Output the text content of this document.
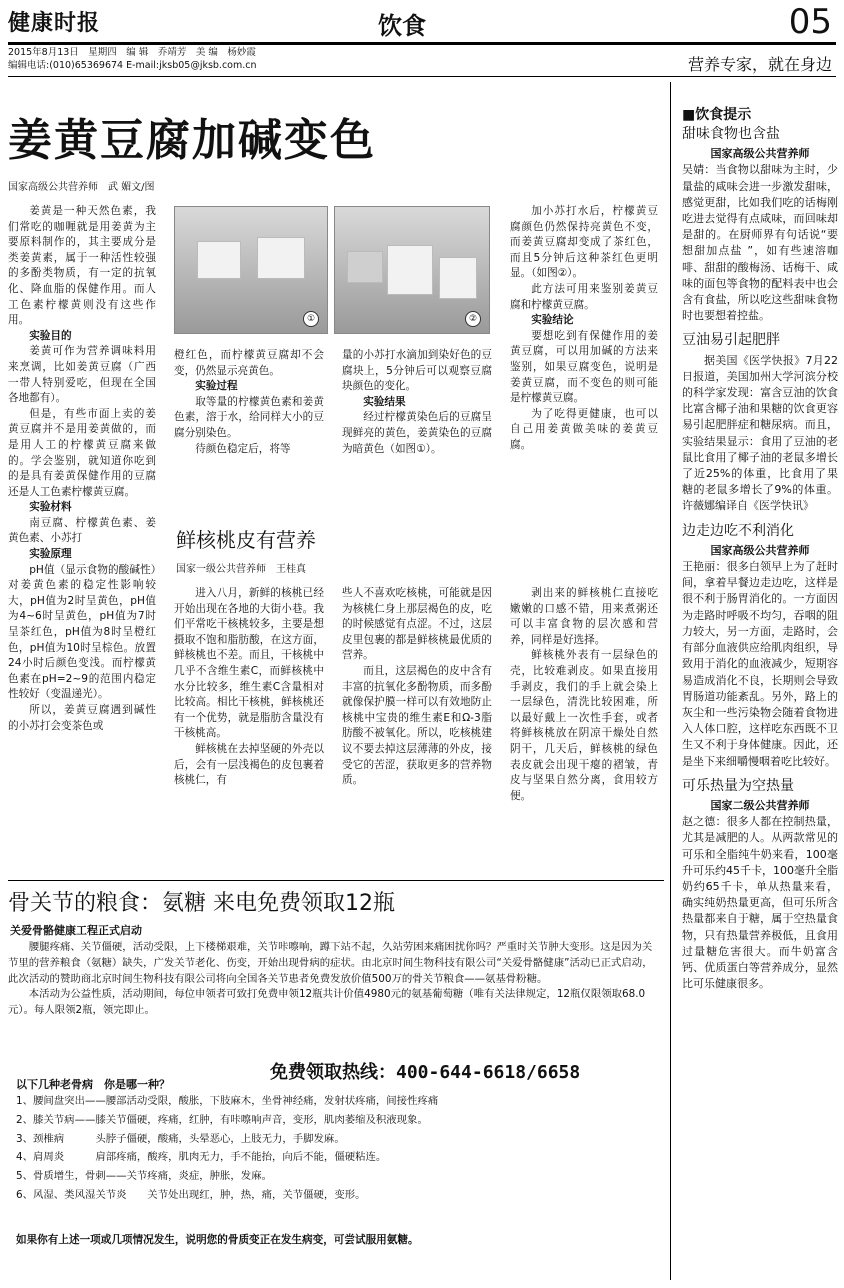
健康时报	饮食	05
2015年8月13日　星期四　编 辑　乔靖芳　美 编　杨妙霞
编辑电话:(010)65369674 E-mail:jksb05@jksb.com.cn	营养专家，就在身边
姜黄豆腐加碱变色
国家高级公共营养师　武 媚文/图

姜黄是一种天然色素，我们常吃的咖喱就是用姜黄为主要原料制作的，其主要成分是类姜黄素，属于一种活性较强的多酚类物质，有一定的抗氧化、降血脂的保健作用。而人工色素柠檬黄则没有这些作用。

实验目的

姜黄可作为营养调味料用来烹调，比如姜黄豆腐（广西一带人特别爱吃，但现在全国各地都有）。

但是，有些市面上卖的姜黄豆腐并不是用姜黄做的，而是用人工的柠檬黄豆腐来做的。学会鉴别，就知道你吃到的是具有姜黄保健作用的豆腐还是人工色素柠檬黄豆腐。

实验材料

南豆腐、柠檬黄色素、姜黄色素、小苏打

实验原理

pH值（显示食物的酸碱性）对姜黄色素的稳定性影响较大，pH值为2时呈黄色，pH值为4~6时呈黄色，pH值为7时呈茶红色，pH值为8时呈橙红色，pH值为10时呈棕色。放置24小时后颜色变浅。而柠檬黄色素在pH=2~9的范围内稳定性较好（变温递光）。

所以，姜黄豆腐遇到碱性的小苏打会变茶色或

①	②

橙红色，而柠檬黄豆腐却不会变，仍然显示亮黄色。

实验过程

取等量的柠檬黄色素和姜黄色素，溶于水，给同样大小的豆腐分别染色。

待颜色稳定后，将等

量的小苏打水滴加到染好色的豆腐块上，5分钟后可以观察豆腐块颜色的变化。

实验结果

经过柠檬黄染色后的豆腐呈现鲜亮的黄色，姜黄染色的豆腐为暗黄色（如图①）。

加小苏打水后，柠檬黄豆腐颜色仍然保持亮黄色不变，而姜黄豆腐却变成了茶红色，而且5分钟后这种茶红色更明显。（如图②）。

此方法可用来鉴别姜黄豆腐和柠檬黄豆腐。

实验结论

要想吃到有保健作用的姜黄豆腐，可以用加碱的方法来鉴别，如果豆腐变色，说明是姜黄豆腐，而不变色的则可能是柠檬黄豆腐。

为了吃得更健康，也可以自己用姜黄做美味的姜黄豆腐。

鲜核桃皮有营养
国家一级公共营养师　王桂真

进入八月，新鲜的核桃已经开始出现在各地的大街小巷。我们平常吃干核桃较多，主要是想摄取不饱和脂肪酸，在这方面，鲜核桃也不差。而且，干核桃中几乎不含维生素C，而鲜核桃中水分比较多，维生素C含量相对比较高。相比干核桃，鲜核桃还有一个优势，就是脂肪含量没有干核桃高。

鲜核桃在去掉坚硬的外壳以后，会有一层浅褐色的皮包裹着核桃仁，有

些人不喜欢吃核桃，可能就是因为核桃仁身上那层褐色的皮，吃的时候感觉有点涩。不过，这层皮里包裹的都是鲜核桃最优质的营养。

而且，这层褐色的皮中含有丰富的抗氧化多酚物质，而多酚就像保护膜一样可以有效地防止核桃中宝贵的维生素E和Ω-3脂肪酸不被氧化。所以，吃核桃建议不要去掉这层薄薄的外皮，接受它的苦涩，获取更多的营养物质。

剥出来的鲜核桃仁直接吃嫩嫩的口感不错，用来煮粥还可以丰富食物的层次感和营养，同样是好选择。

鲜核桃外表有一层绿色的壳，比较难剥皮。如果直接用手剥皮，我们的手上就会染上一层绿色，清洗比较困难，所以最好戴上一次性手套，或者将鲜核桃放在阴凉干燥处自然阴干，几天后，鲜核桃的绿色表皮就会出现干瘪的褶皱，青皮与坚果自然分离，食用较方便。

■饮食提示
甜味食物也含盐

国家高级公共营养师

吴婧：当食物以甜味为主时，少量盐的咸味会进一步激发甜味，感觉更甜，比如我们吃的话梅刚吃进去觉得有点咸味，而回味却是甜的。在厨师界有句话说“要想甜加点盐 ”，如有些速溶咖啡、甜甜的酸梅汤、话梅干、咸味的面包等食物的配料表中也会含有食盐，所以吃这些甜味食物时也要想着控盐。

豆油易引起肥胖

据美国《医学快报》7月22日报道，美国加州大学河滨分校的科学家发现：富含豆油的饮食比富含椰子油和果糖的饮食更容易引起肥胖症和糖尿病。而且，实验结果显示：食用了豆油的老鼠比食用了椰子油的老鼠多增长了近25%的体重，比食用了果糖的老鼠多增长了9%的体重。许薇娜编译自《医学快讯》

边走边吃不利消化

国家高级公共营养师

王艳丽：很多白领早上为了赶时间，拿着早餐边走边吃，这样是很不利于肠胃消化的。一方面因为走路时呼吸不均匀，吞咽的阻力较大，另一方面，走路时，会有部分血液供应给肌肉组织，导致用于消化的血液减少，短期容易造成消化不良，长期则会导致胃肠道功能紊乱。另外，路上的灰尘和一些污染物会随着食物进入人体口腔，这样吃东西既不卫生又不利于身体健康。因此，还是坐下来细嚼慢咽着吃比较好。

可乐热量为空热量

国家二级公共营养师

赵之德：很多人都在控制热量，尤其是减肥的人。从两款常见的可乐和全脂纯牛奶来看，100毫升可乐约45千卡，100毫升全脂奶约65千卡，单从热量来看，确实纯奶热量更高，但可乐所含热量都来自于糖，属于空热量食物，只有热量营养极低，且食用过量糖危害很大。而牛奶富含钙、优质蛋白等营养成分，显然比可乐健康很多。

骨关节的粮食：氨糖 来电免费领取12瓶
关爱骨骼健康工程正式启动

腰腿疼痛、关节僵硬，活动受限，上下楼梯艰难，关节咔嚓响，蹲下站不起，久站劳困来痛困扰你吗？严重时关节肿大变形。这是因为关节里的营养粮食（氨糖）缺失，广发关节老化、伤变，开始出现骨病的症状。由北京时间生物科技有限公司“关爱骨骼健康”活动已正式启动，此次活动的赞助商北京时间生物科技有限公司将向全国各关节患者免费发放价值500万的骨关节粮食——氨基骨粉糖。

本活动为公益性质，活动期间，每位申领者可致打免费申领12瓶共计价值4980元的氨基葡萄糖（唯有关法律规定，12瓶仅限领取68.0元）。每人限领2瓶，领完即止。

免费领取热线：400-644-6618/6658
以下几种老骨病　你是哪一种？

1、腰间盘突出——腰部活动受限，酸胀，下肢麻木，坐骨神经痛，发射状疼痛，间接性疼痛

2、膝关节病——膝关节僵硬，疼痛，红肿，有咔嚓响声音，变形，肌肉萎缩及积液现象。

3、颈椎病　　　头脖子僵硬，酸痛，头晕恶心，上肢无力，手脚发麻。

4、肩周炎　　　肩部疼痛，酸疼，肌肉无力，手不能抬，向后不能，僵硬粘连。

5、骨质增生，骨刺——关节疼痛，炎症，肿胀，发麻。

6、风湿、类风湿关节炎　　关节处出现红，肿，热，痛，关节僵硬，变形。

如果你有上述一项或几项情况发生，说明您的骨质变正在发生病变，可尝试服用氨糖。
